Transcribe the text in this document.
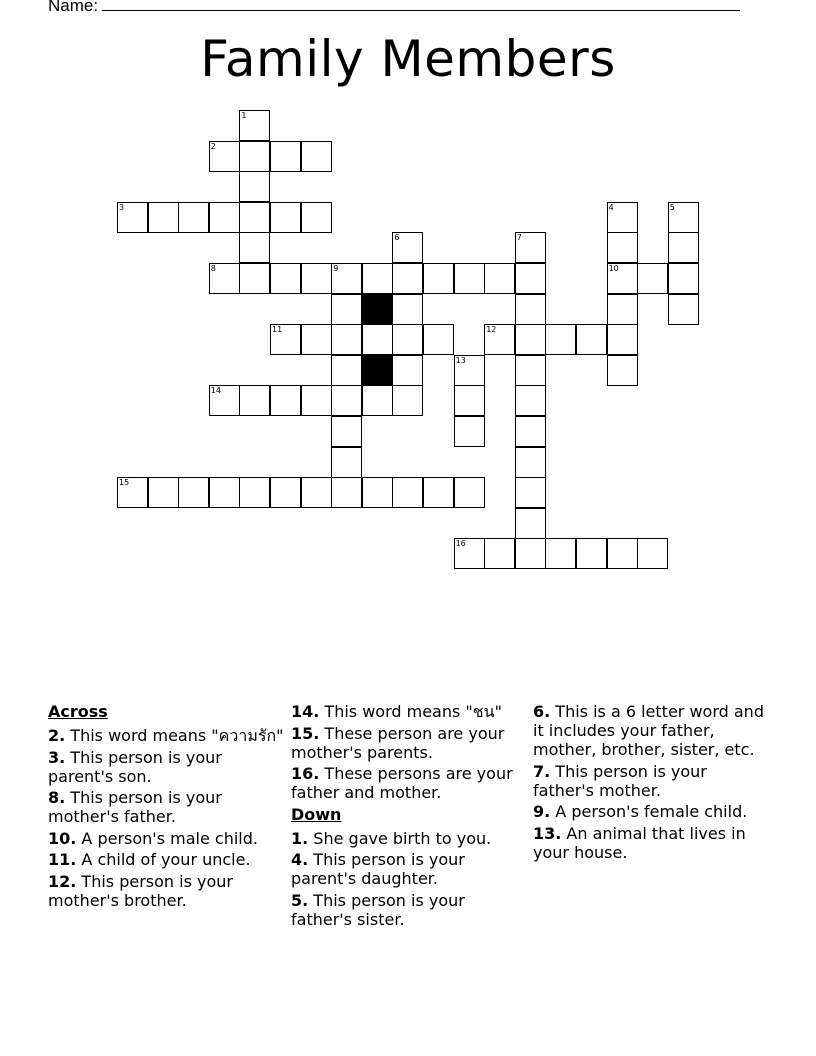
Name:
Family Members
1
2
3	4	5
6	7
8	9	10
11	12
13
14
15
16
Across
2. This word means "ความรัก"
3. This person is your parent's son.
8. This person is your mother's father.
10. A person's male child.
11. A child of your uncle.
12. This person is your mother's brother.
14. This word means "ชน"
15. These person are your mother's parents.
16. These persons are your father and mother.
Down
1. She gave birth to you.
4. This person is your parent's daughter.
5. This person is your father's sister.
6. This is a 6 letter word and it includes your father, mother, brother, sister, etc.
7. This person is your father's mother.
9. A person's female child.
13. An animal that lives in your house.
